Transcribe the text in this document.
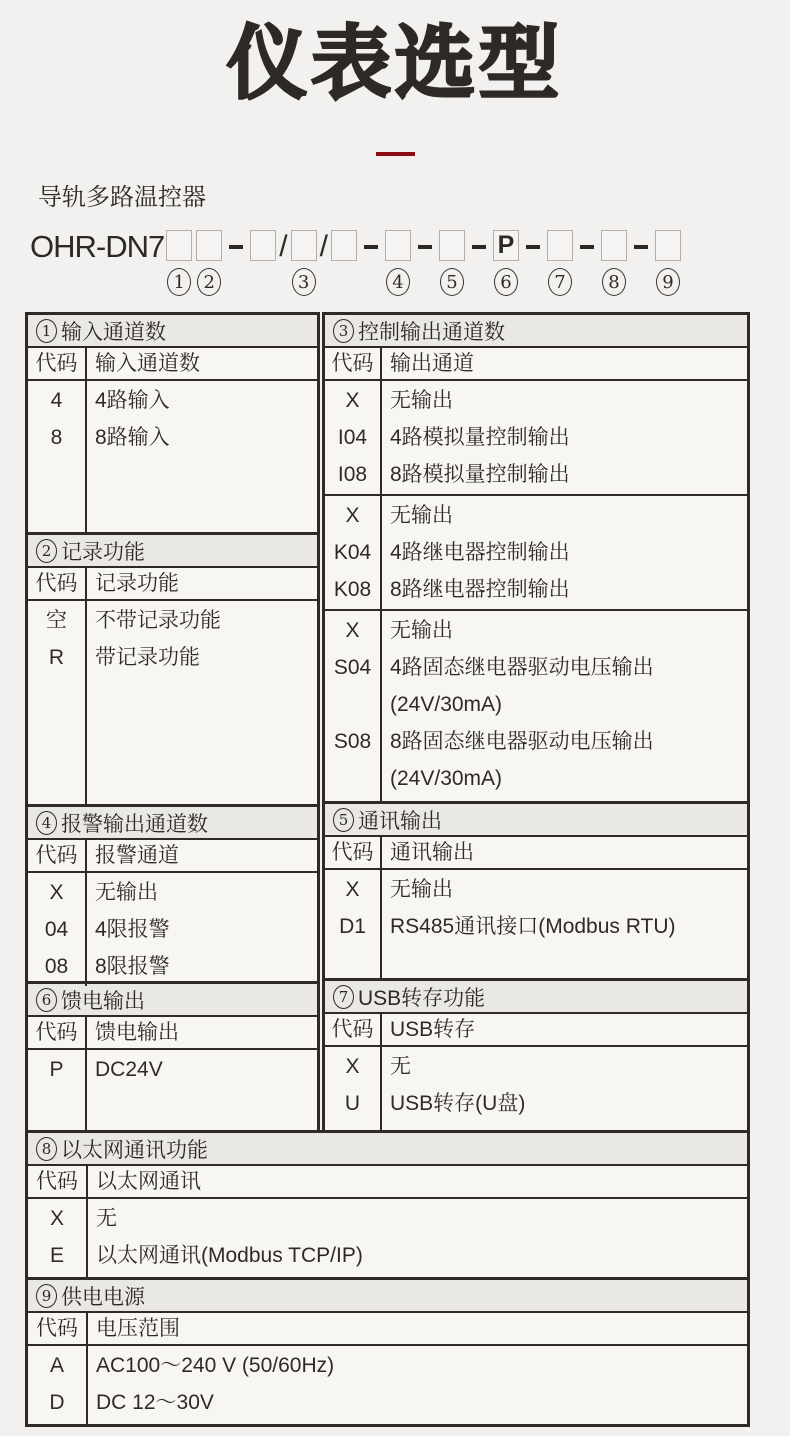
仪表选型
导轨多路温控器
OHR-DN7
1	2
/
3
/
4	5
P
6	7	8	9
1 输入通道数
代码 输入通道数
4	4路输入
8	8路输入
2 记录功能
代码 记录功能
空	不带记录功能
R	带记录功能
3 控制输出通道数
代码 输出通道
X	无输出
I04	4路模拟量控制输出
I08	8路模拟量控制输出
X	无输出
K04 4路继电器控制输出
K08 8路继电器控制输出
X	无输出
S04 4路固态继电器驱动电压输出
(24V/30mA)
S08 8路固态继电器驱动电压输出
(24V/30mA)
4 报警输出通道数
代码 报警通道
X	无输出
04	4限报警
08	8限报警
5 通讯输出
代码 通讯输出
X	无输出
D1	RS485通讯接口(Modbus RTU)
6 馈电输出
代码 馈电输出
P	DC24V
7 USB转存功能
代码 USB转存
X	无
U	USB转存(U盘)
8 以太网通讯功能
代码 以太网通讯
X	无
E	以太网通讯(Modbus TCP/IP)
9 供电电源
代码 电压范围
A	AC100～240 V (50/60Hz)
D	DC 12～30V
